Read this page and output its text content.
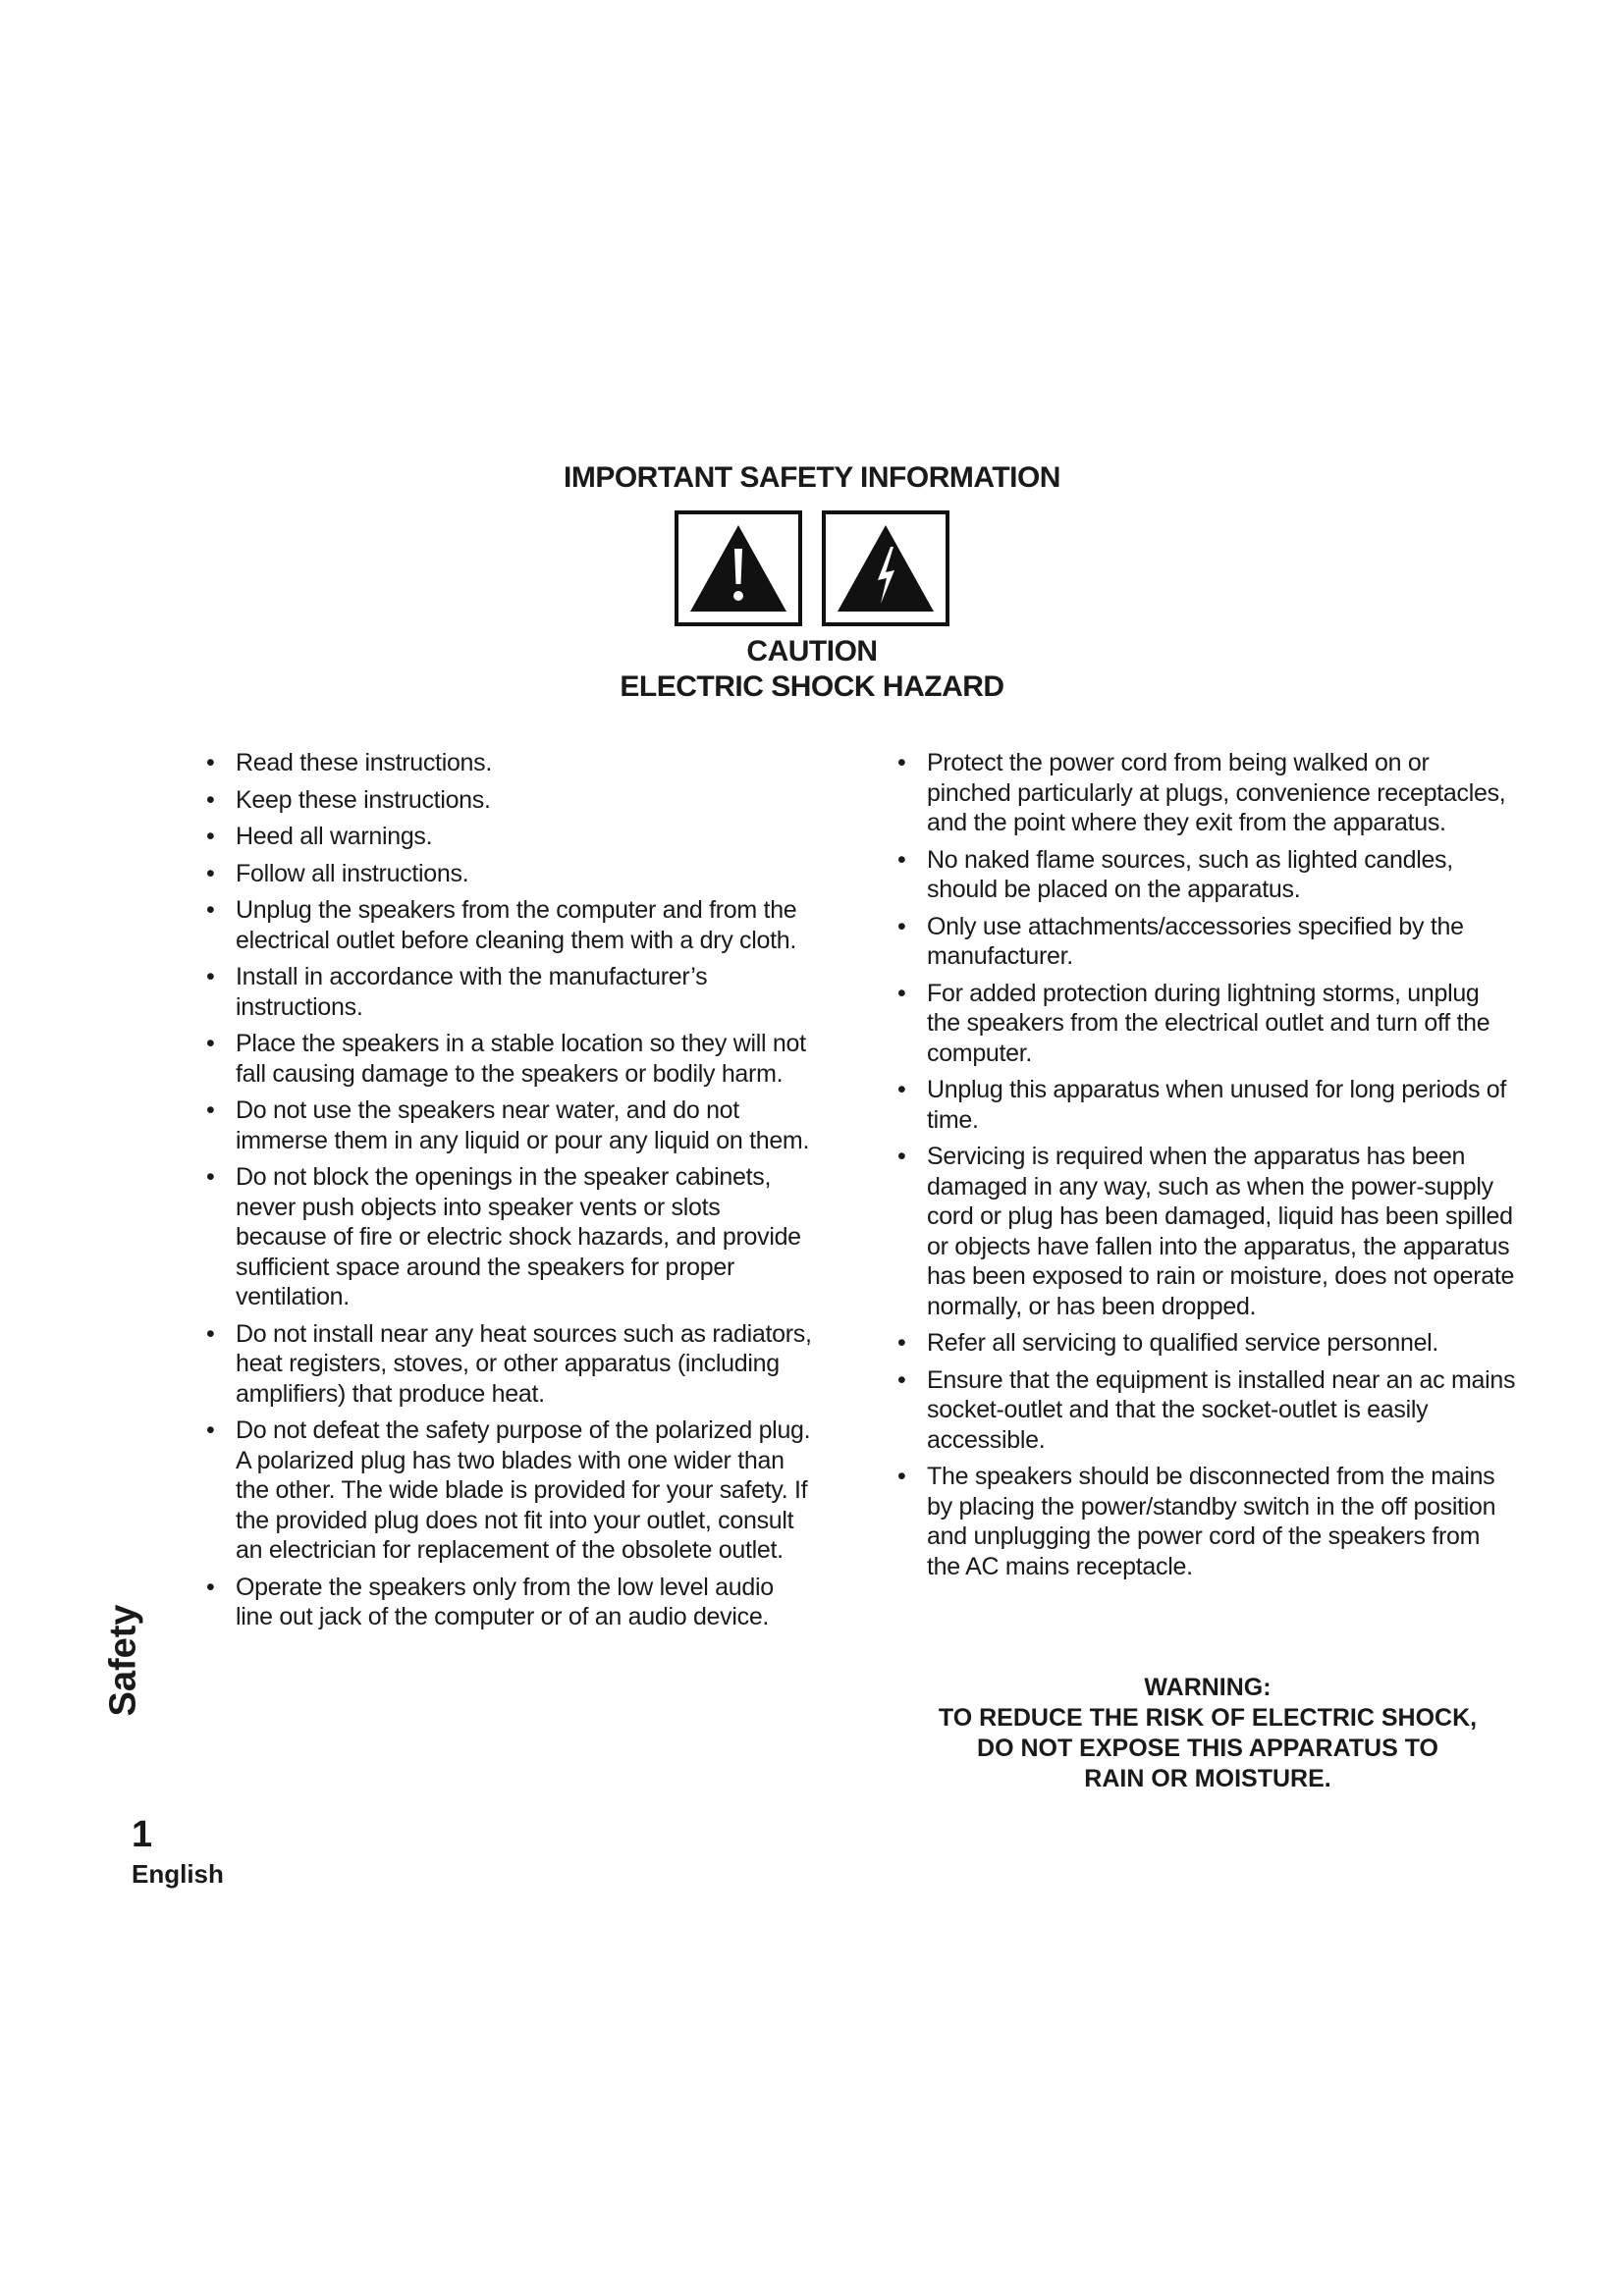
IMPORTANT SAFETY INFORMATION
CAUTION
ELECTRIC SHOCK HAZARD
• Read these instructions.
• Keep these instructions.
• Heed all warnings.
• Follow all instructions.
• Unplug the speakers from the computer and from the electrical outlet before cleaning them with a dry cloth.
• Install in accordance with the manufacturer’s instructions.
• Place the speakers in a stable location so they will not fall causing damage to the speakers or bodily harm.
• Do not use the speakers near water, and do not immerse them in any liquid or pour any liquid on them.
• Do not block the openings in the speaker cabinets, never push objects into speaker vents or slots because of fire or electric shock hazards, and provide sufficient space around the speakers for proper ventilation.
• Do not install near any heat sources such as radiators, heat registers, stoves, or other apparatus (including amplifiers) that produce heat.
• Do not defeat the safety purpose of the polarized plug. A polarized plug has two blades with one wider than the other. The wide blade is provided for your safety. If the provided plug does not fit into your outlet, consult an electrician for replacement of the obsolete outlet.
• Operate the speakers only from the low level audio line out jack of the computer or of an audio device.
• Protect the power cord from being walked on or pinched particularly at plugs, convenience receptacles, and the point where they exit from the apparatus.
• No naked flame sources, such as lighted candles, should be placed on the apparatus.
• Only use attachments/accessories specified by the manufacturer.
• For added protection during lightning storms, unplug the speakers from the electrical outlet and turn off the computer.
• Unplug this apparatus when unused for long periods of time.
• Servicing is required when the apparatus has been damaged in any way, such as when the power-supply cord or plug has been damaged, liquid has been spilled or objects have fallen into the apparatus, the apparatus has been exposed to rain or moisture, does not operate normally, or has been dropped.
• Refer all servicing to qualified service personnel.
• Ensure that the equipment is installed near an ac mains socket-outlet and that the socket-outlet is easily accessible.
• The speakers should be disconnected from the mains by placing the power/standby switch in the off position and unplugging the power cord of the speakers from the AC mains receptacle.
WARNING:
TO REDUCE THE RISK OF ELECTRIC SHOCK,
DO NOT EXPOSE THIS APPARATUS TO
RAIN OR MOISTURE.
Safety
1
English
